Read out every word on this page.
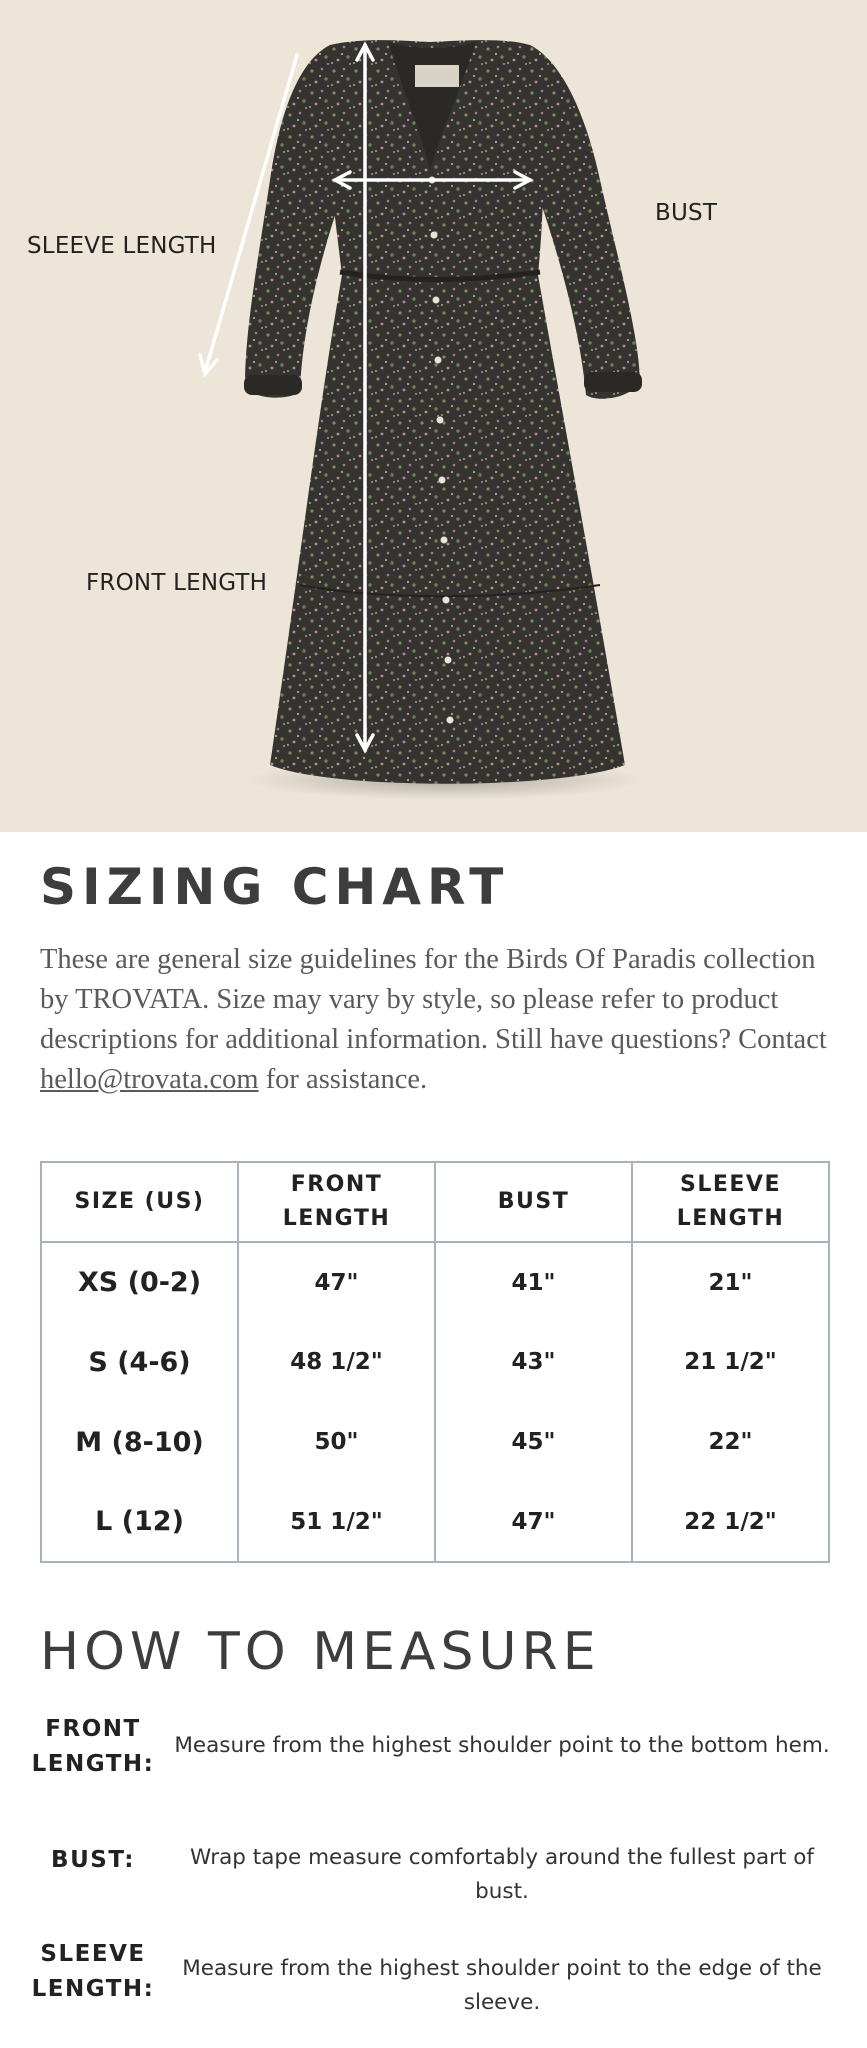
SLEEVE LENGTH
BUST
FRONT LENGTH
SIZING CHART

These are general size guidelines for the Birds Of Paradis collection by TROVATA. Size may vary by style, so please refer to product descriptions for additional information. Still have questions? Contact hello@trovata.com for assistance.

SIZE (US)	FRONT LENGTH	BUST	SLEEVE LENGTH
XS (0-2)	47"	41"	21"
S (4-6)	48 1/2"	43"	21 1/2"
M (8-10)	50"	45"	22"
L (12)	51 1/2"	47"	22 1/2"
HOW TO MEASURE
FRONT LENGTH:
Measure from the highest shoulder point to the bottom hem.
BUST:	Wrap tape measure comfortably around the fullest part of bust.
SLEEVE LENGTH:
Measure from the highest shoulder point to the edge of the sleeve.
